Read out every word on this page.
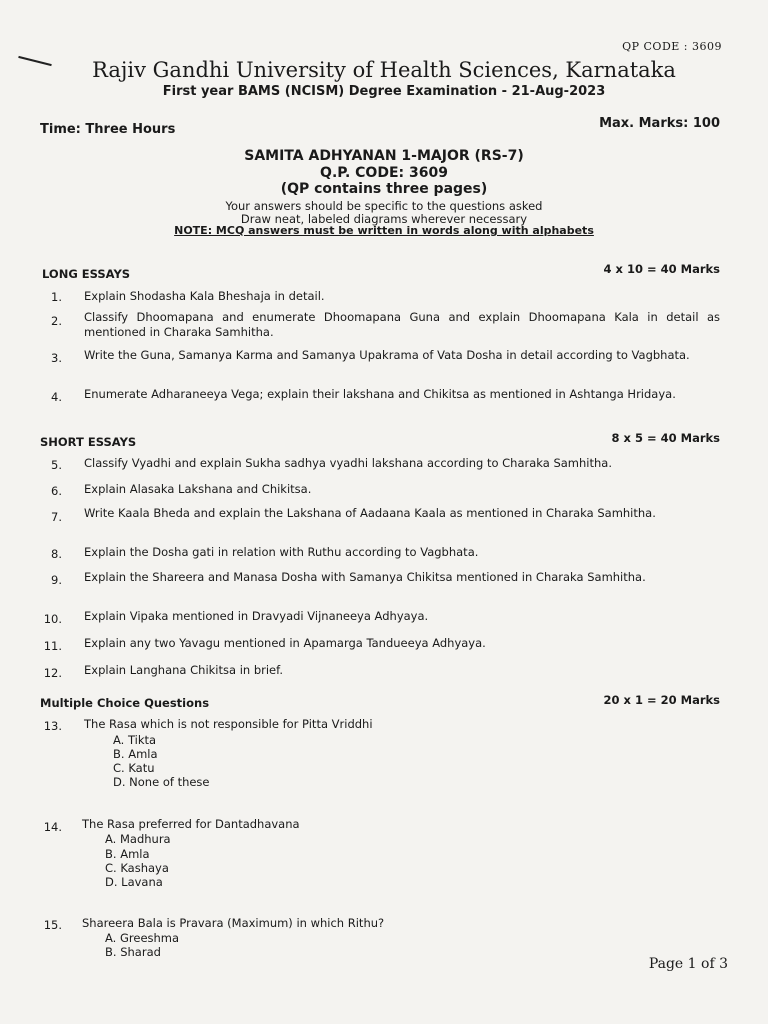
QP CODE : 3609
Rajiv Gandhi University of Health Sciences, Karnataka
First year BAMS (NCISM) Degree Examination - 21-Aug-2023
Time: Three Hours	Max. Marks: 100
SAMITA ADHYANAN 1-MAJOR (RS-7)
Q.P. CODE: 3609
(QP contains three pages)
Your answers should be specific to the questions asked
Draw neat, labeled diagrams wherever necessary
NOTE: MCQ answers must be written in words along with alphabets
LONG ESSAYS	4 x 10 = 40 Marks
1. Explain Shodasha Kala Bheshaja in detail.
2. Classify Dhoomapana and enumerate Dhoomapana Guna and explain Dhoomapana Kala in detail as mentioned in Charaka Samhitha.
3. Write the Guna, Samanya Karma and Samanya Upakrama of Vata Dosha in detail according to Vagbhata.
4. Enumerate Adharaneeya Vega; explain their lakshana and Chikitsa as mentioned in Ashtanga Hridaya.
SHORT ESSAYS	8 x 5 = 40 Marks
5. Classify Vyadhi and explain Sukha sadhya vyadhi lakshana according to Charaka Samhitha.
6. Explain Alasaka Lakshana and Chikitsa.
7. Write Kaala Bheda and explain the Lakshana of Aadaana Kaala as mentioned in Charaka Samhitha.
8. Explain the Dosha gati in relation with Ruthu according to Vagbhata.
9. Explain the Shareera and Manasa Dosha with Samanya Chikitsa mentioned in Charaka Samhitha.
10. Explain Vipaka mentioned in Dravyadi Vijnaneeya Adhyaya.
11. Explain any two Yavagu mentioned in Apamarga Tandueeya Adhyaya.
12. Explain Langhana Chikitsa in brief.
Multiple Choice Questions	20 x 1 = 20 Marks
13. The Rasa which is not responsible for Pitta Vriddhi
A. Tikta
B. Amla
C. Katu
D. None of these
14. The Rasa preferred for Dantadhavana
A. Madhura
B. Amla
C. Kashaya
D. Lavana
15. Shareera Bala is Pravara (Maximum) in which Rithu?
A. Greeshma
B. Sharad
Page 1 of 3
